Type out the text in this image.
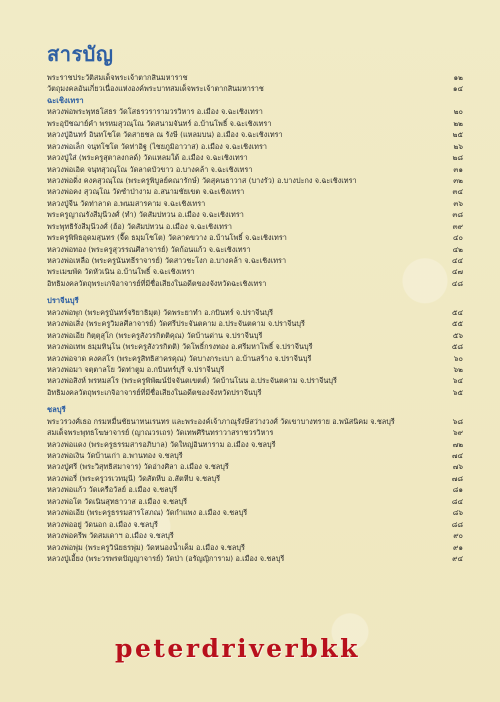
สารบัญ
พระราชประวัติสมเด็จพระเจ้าตากสินมหาราช	๑๒
วัตถุมงคลอันเกี่ยวเนื่องแห่งองค์พระบาทสมเด็จพระเจ้าตากสินมหาราช	๑๔
ฉะเชิงเทรา
หลวงพ่อพระพุทธโสธร วัดโสธรวรารามวรวิหาร อ.เมือง จ.ฉะเชิงเทรา	๒๐
พระอุปัชฌาย์คำ พรหมสุวณฺโณ วัดสนามจันทร์ อ.บ้านโพธิ์ จ.ฉะเชิงเทรา	๒๒
หลวงปู่อินทร์ อินทโชโต วัดสายชล ณ รังษี (แหลมบน) อ.เมือง จ.ฉะเชิงเทรา	๒๕
หลวงพ่อเล็ก จนฺทโชโต วัดท่าอิฐ (ไชยภูมิอาวาส) อ.เมือง จ.ฉะเชิงเทรา	๒๖
หลวงปู่ใส่ (พระครูสุตาลงกลด์) วัดแหลมใต้ อ.เมือง จ.ฉะเชิงเทรา	๒๘
หลวงพ่อเอิด จนฺทสุวณฺโณ วัดลาดบัวขาว อ.บางคล้า จ.ฉะเชิงเทรา	๓๑
หลวงพ่อดิ่ง คงคสุวณฺโณ (พระครูพิบูลย์คณารักษ์) วัดสุคนธาวาส (บางรัว) อ.บางปะกง จ.ฉะเชิงเทรา	๓๒
หลวงพ่อคง สุวณฺโณ วัดซำป่างาม อ.สนามชัยเขต จ.ฉะเชิงเทรา	๓๔
หลวงปู่จีน วัดท่าลาด อ.พนมสารคาม จ.ฉะเชิงเทรา	๓๖
พระครูญาณรังสีมุนีวงศ์ (ทำ) วัดสัมปทวน อ.เมือง จ.ฉะเชิงเทรา	๓๘
พระพุทธิรังสีมุนีวงศ์ (ฮ้อ) วัดสัมปทวน อ.เมือง จ.ฉะเชิงเทรา	๓๙
พระครูพิพิธอุดมสุนทร (จื๊ด ธมฺมโชโต) วัดลาดขวาง อ.บ้านโพธิ์ จ.ฉะเชิงเทรา	๔๐
หลวงพ่อทอง (พระครูสุวรรณศีลาจารย์) วัดก้อนแก้ว จ.ฉะเชิงเทรา	๔๒
หลวงพ่อเหลือ (พระครูนันทธีราจารย์) วัดสาวชะโงก อ.บางคล้า จ.ฉะเชิงเทรา	๔๔
พระเมฆพัด วัดหัวเนิน อ.บ้านโพธิ์ จ.ฉะเชิงเทรา	๔๗
อิทธิมงคลวัตถุพระเกจิอาจารย์ที่มีชื่อเสียงในอดีตของจังหวัดฉะเชิงเทรา	๔๘
ปราจีนบุรี
หลวงพ่อพุก (พระครูบันทร์จริยาธิมุต) วัดพระยาทำ อ.กบินทร์ จ.ปราจีนบุรี	๕๔
หลวงพ่อเสิ่ง (พระครูวิมลศีลาจารย์) วัดศรีประจันตคาม อ.ประจันตคาม จ.ปราจีนบุรี	๕๕
หลวงพ่อเอีย กิตฺตุสุโก (พระครูสังวรกิตติคุณ) วัดบ้านด่าน จ.ปราจีนบุรี	๕๖
หลวงพ่อเทพ ธมฺมทินฺโน (พระครูสังวรกิตติ) วัดโพธิ์กรงทอง อ.ศรีมหาโพธิ์ จ.ปราจีนบุรี	๕๘
หลวงพ่อจาด คงคสโร (พระครูสิทธิสาครคุณ) วัดบางกระเบา อ.บ้านสร้าง จ.ปราจีนบุรี	๖๐
หลวงพ่อมา จตฺตาลโย วัดท่าตูม อ.กบินทร์บุรี จ.ปราจีนบุรี	๖๒
หลวงพ่อสิงห์ พรหมสโร (พระครูพิพัฒน์ปัจจันตเขตต์) วัดบ้านโนน อ.ประจันตคาม จ.ปราจีนบุรี	๖๔
อิทธิมงคลวัตถุพระเกจิอาจารย์ที่มีชื่อเสียงในอดีตของจังหวัดปราจีนบุรี	๖๕
ชลบุรี
พระวรวงศ์เธอ กรมหมื่นชัยนาทนเรนทร และพระองค์เจ้าภาณุรังษีสว่างวงศ์ วัดเขาบางทราย อ.พนัสนิคม จ.ชลบุรี	๖๘
สมเด็จพระพุทธโฆษาจารย์ (ญาณวรเถร) วัดเทพศิรินทราวาสราชวรวิหาร	๖๙
หลวงพ่อแดง (พระครูธรรมสารอภิบาล) วัดใหญ่อินทาราม อ.เมือง จ.ชลบุรี	๗๒
หลวงพ่อเงิน วัดบ้านเก่า อ.พานทอง จ.ชลบุรี	๗๔
หลวงปู่ศรี (พระวิสุทธิสมาจาร) วัดอ่างศิลา อ.เมือง จ.ชลบุรี	๗๖
หลวงพ่อรี่ (พระครูวรเวทมุนี) วัดสัตหีบ อ.สัตหีบ จ.ชลบุรี	๗๘
หลวงพ่อแก้ว วัดเครือวัลย์ อ.เมือง จ.ชลบุรี	๘๑
หลวงพ่อโต วัดเนินสุทธาวาส อ.เมือง จ.ชลบุรี	๘๔
หลวงพ่อเอีย (พระครูธรรมสารโสภณ) วัดกำแพง อ.เมือง จ.ชลบุรี	๘๖
หลวงพ่ออยู่ วัดนอก อ.เมือง จ.ชลบุรี	๘๘
หลวงพ่อครีพ วัดสมเดาฯ อ.เมือง จ.ชลบุรี	๙๐
หลวงพ่อพุ่ม (พระครูวินัยธรพุ่ม) วัดหนองน้ำเค็ม อ.เมือง จ.ชลบุรี	๙๑
หลวงปู่เอี้ยง (พระวรพรตปัญญาจารย์) วัดป่า (อรัญญิการาม) อ.เมือง จ.ชลบุรี	๙๔
peterdriverbkk
